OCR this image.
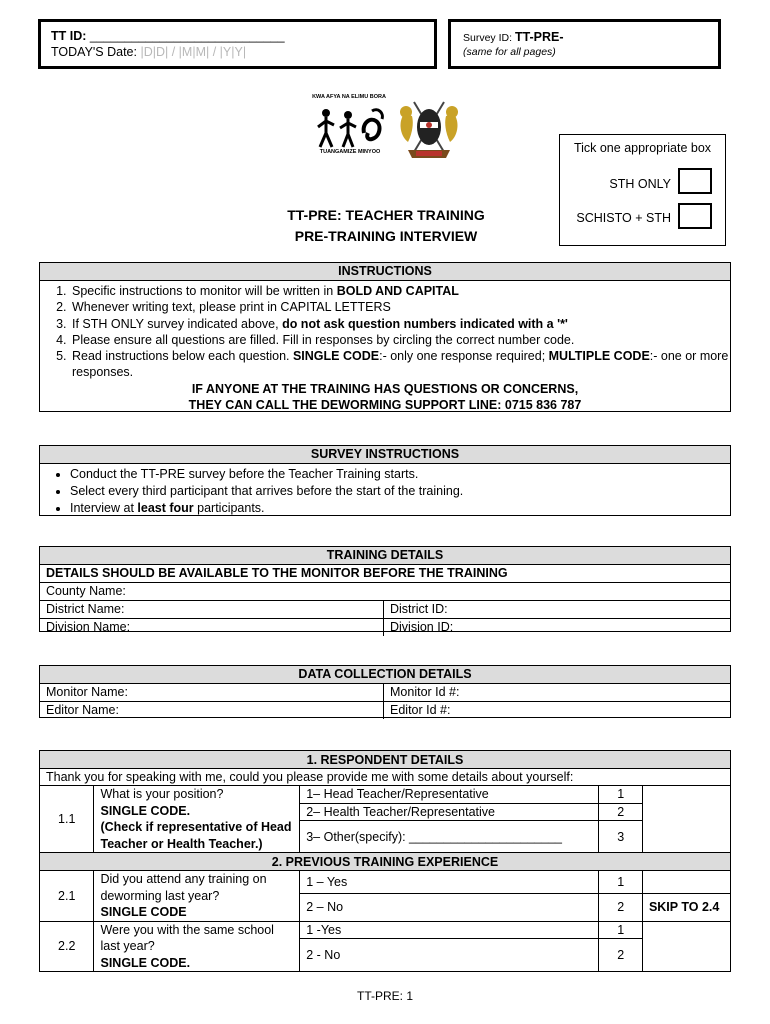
TT ID: ____________________________
TODAY'S Date: |D|D| / |M|M| / |Y|Y|
Survey ID: TT-PRE-
(same for all pages)
KWA AFYA NA ELIMU BORA
TUANGAMIZE MINYOO	Tick one appropriate box
STH ONLY
SCHISTO + STH
TT-PRE: TEACHER TRAINING
PRE-TRAINING INTERVIEW
INSTRUCTIONS
1. Specific instructions to monitor will be written in BOLD AND CAPITAL
2. Whenever writing text, please print in CAPITAL LETTERS
3. If STH ONLY survey indicated above, do not ask question numbers indicated with a '*'
4. Please ensure all questions are filled. Fill in responses by circling the correct number code.
5. Read instructions below each question. SINGLE CODE:- only one response required; MULTIPLE CODE:- one or more responses.
IF ANYONE AT THE TRAINING HAS QUESTIONS OR CONCERNS,
THEY CAN CALL THE DEWORMING SUPPORT LINE: 0715 836 787
SURVEY INSTRUCTIONS
• Conduct the TT-PRE survey before the Teacher Training starts.
• Select every third participant that arrives before the start of the training.
• Interview at least four participants.
TRAINING DETAILS
DETAILS SHOULD BE AVAILABLE TO THE MONITOR BEFORE THE TRAINING
County Name:
District Name:	District ID:
Division Name:	Division ID:
DATA COLLECTION DETAILS
Monitor Name:	Monitor Id #:
Editor Name:	Editor Id #:
1. RESPONDENT DETAILS				
Thank you for speaking with me, could you please provide me with some details about yourself:				
1.1	What is your position?
SINGLE CODE.
(Check if representative of Head Teacher or Health Teacher.)	1– Head Teacher/Representative	1	
		2– Health Teacher/Representative	2	
		3– Other(specify): ______________________	3	
2. PREVIOUS TRAINING EXPERIENCE				
2.1	Did you attend any training on deworming last year?
SINGLE CODE	1 – Yes	1	
		2 – No	2	SKIP TO 2.4
2.2	Were you with the same school last year?
SINGLE CODE.	1 -Yes	1	
		2 - No	2	
TT-PRE: 1
